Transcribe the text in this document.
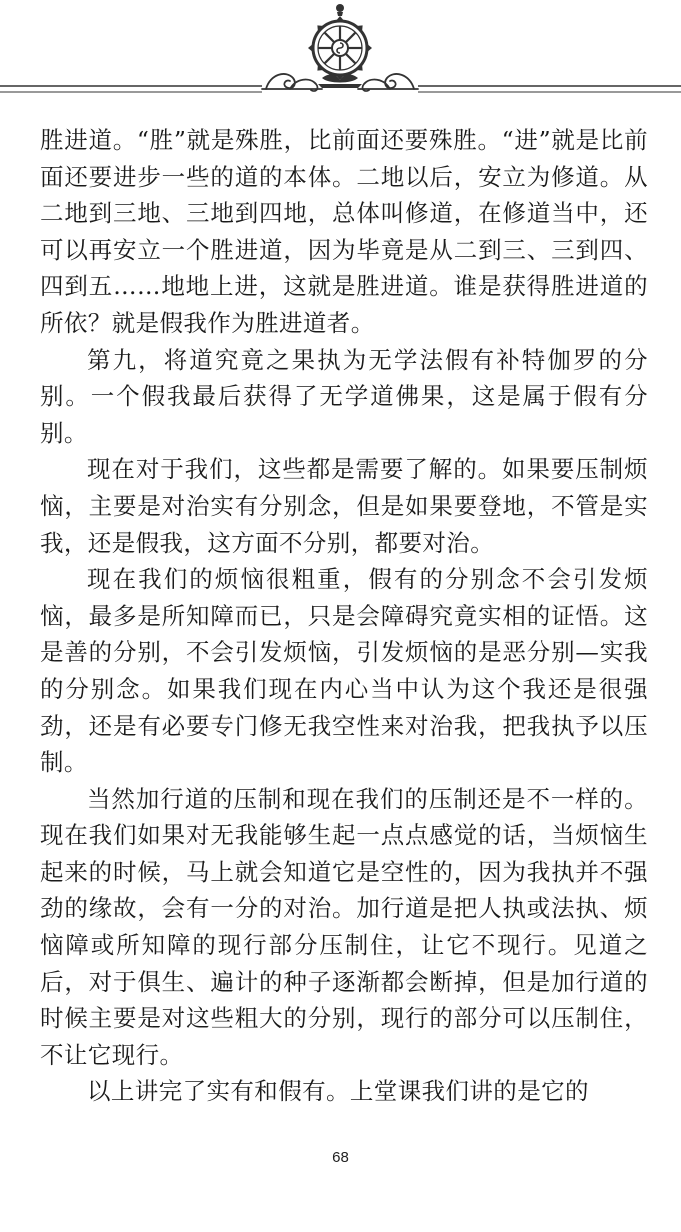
胜进道。“胜”就是殊胜，比前面还要殊胜。“进”就是比前面还要进步一些的道的本体。二地以后，安立为修道。从二地到三地、三地到四地，总体叫修道，在修道当中，还可以再安立一个胜进道，因为毕竟是从二到三、三到四、四到五……地地上进，这就是胜进道。谁是获得胜进道的所依？就是假我作为胜进道者。

第九，将道究竟之果执为无学法假有补特伽罗的分别。一个假我最后获得了无学道佛果，这是属于假有分别。

现在对于我们，这些都是需要了解的。如果要压制烦恼，主要是对治实有分别念，但是如果要登地，不管是实我，还是假我，这方面不分别，都要对治。

现在我们的烦恼很粗重，假有的分别念不会引发烦恼，最多是所知障而已，只是会障碍究竟实相的证悟。这是善的分别，不会引发烦恼，引发烦恼的是恶分别—实我的分别念。如果我们现在内心当中认为这个我还是很强劲，还是有必要专门修无我空性来对治我，把我执予以压制。

当然加行道的压制和现在我们的压制还是不一样的。现在我们如果对无我能够生起一点点感觉的话，当烦恼生起来的时候，马上就会知道它是空性的，因为我执并不强劲的缘故，会有一分的对治。加行道是把人执或法执、烦恼障或所知障的现行部分压制住，让它不现行。见道之后，对于俱生、遍计的种子逐渐都会断掉，但是加行道的时候主要是对这些粗大的分别，现行的部分可以压制住，不让它现行。

以上讲完了实有和假有。上堂课我们讲的是它的

68
